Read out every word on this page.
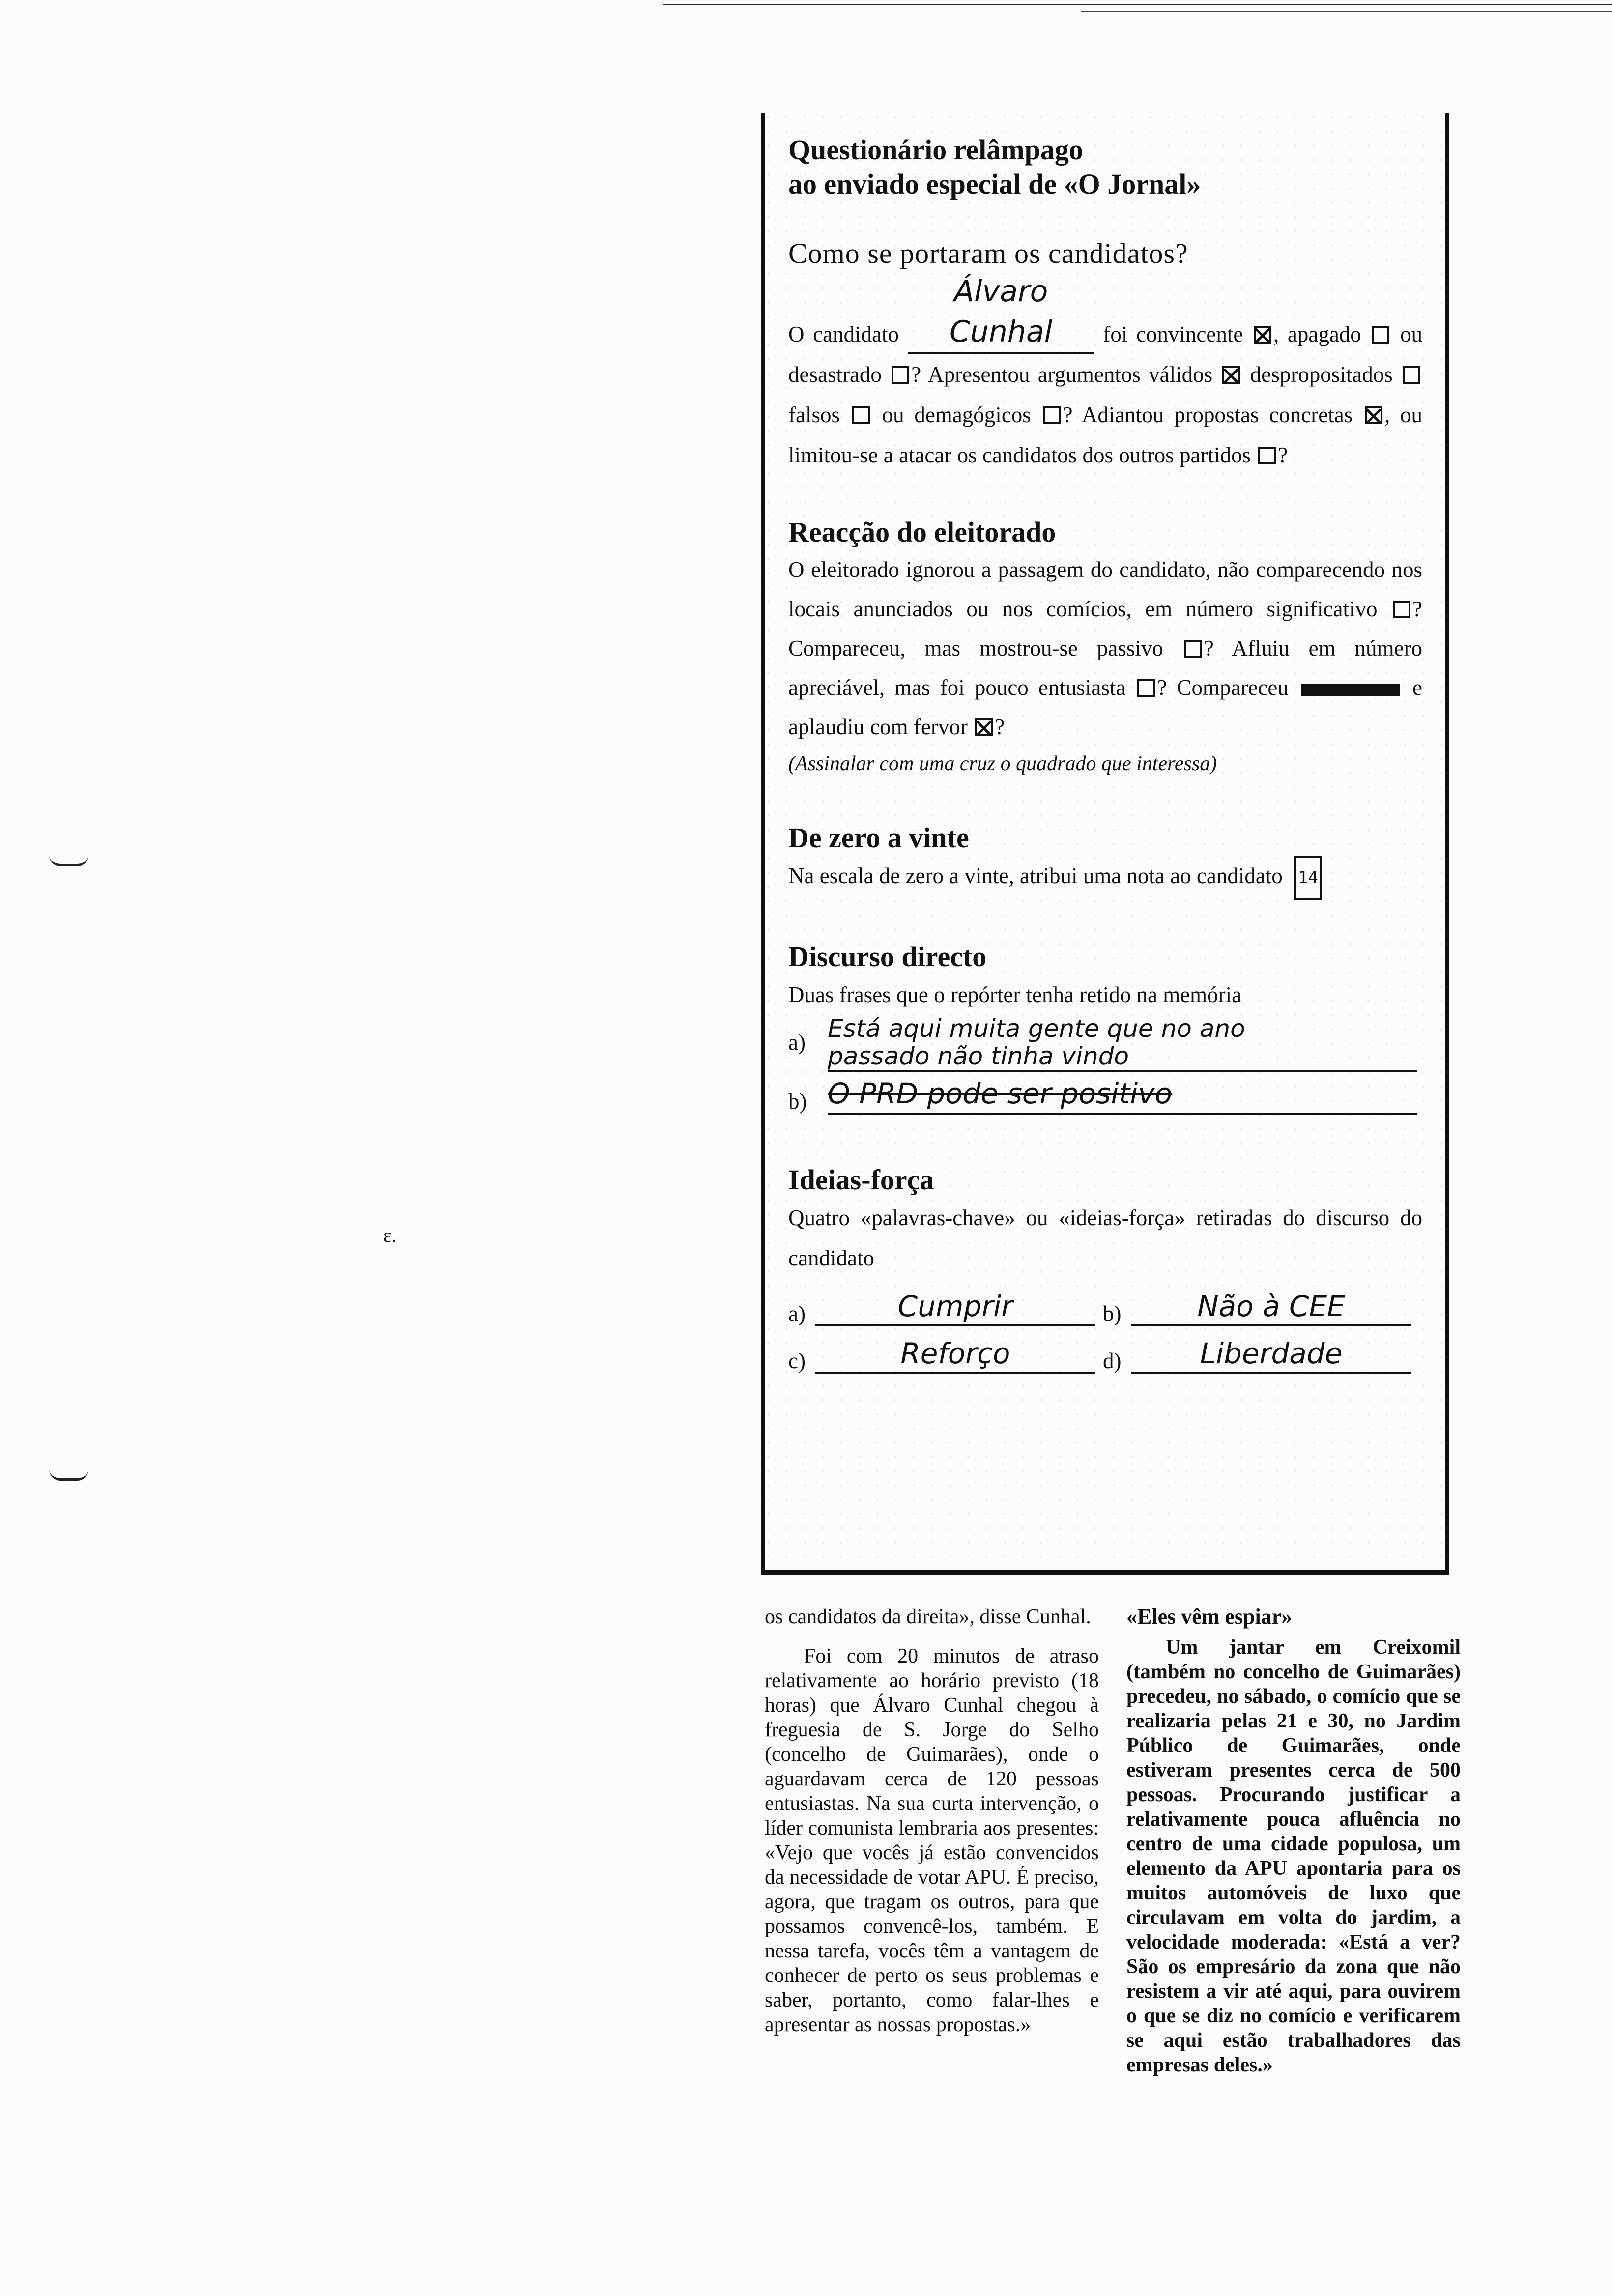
ɛ.
Questionário relâmpago
ao enviado especial de «O Jornal»
Como se portaram os candidatos?
O candidato Álvaro Cunhal foi convincente , apagado ou desastrado ? Apresentou argumentos válidos despropositados  falsos ou demagógicos ? Adiantou propostas concretas , ou limitou-se a atacar os candidatos dos outros partidos ?
Reacção do eleitorado
O eleitorado ignorou a passagem do candidato, não comparecendo nos locais anunciados ou nos comícios, em número significativo ? Compareceu, mas mostrou-se passivo ? Afluiu em número apreciável, mas foi pouco entusiasta ? Compareceu	e aplaudiu com fervor ?
(Assinalar com uma cruz o quadrado que interessa)
De zero a vinte
Na escala de zero a vinte, atribui uma nota ao candidato 14
Discurso directo
Duas frases que o repórter tenha retido na memória
a) Está aqui muita gente que no ano
passado não tinha vindo
b) O PRD pode ser positivo
Ideias-força
Quatro «palavras-chave» ou «ideias-força» retiradas do discurso do candidato
a)	Cumprir	b)	Não à CEE
c)	Reforço	d)	Liberdade

os candidatos da direita», disse Cunhal.

Foi com 20 minutos de atraso relativamente ao horário previsto (18 horas) que Álvaro Cunhal chegou à freguesia de S. Jorge do Selho (concelho de Guimarães), onde o aguardavam cerca de 120 pessoas entusiastas. Na sua curta intervenção, o líder comunista lembraria aos presentes: «Vejo que vocês já estão convencidos da necessidade de votar APU. É preciso, agora, que tragam os outros, para que possamos convencê-los, também. E nessa tarefa, vocês têm a vantagem de conhecer de perto os seus problemas e saber, portanto, como falar-lhes e apresentar as nossas propostas.»

«Eles vêm espiar»

Um jantar em Creixomil (também no concelho de Guimarães) precedeu, no sábado, o comício que se realizaria pelas 21 e 30, no Jardim Público de Guimarães, onde estiveram presentes cerca de 500 pessoas. Procurando justificar a relativamente pouca afluência no centro de uma cidade populosa, um elemento da APU apontaria para os muitos automóveis de luxo que circulavam em volta do jardim, a velocidade moderada: «Está a ver? São os empresário da zona que não resistem a vir até aqui, para ouvirem o que se diz no comício e verificarem se aqui estão trabalhadores das empresas deles.»
